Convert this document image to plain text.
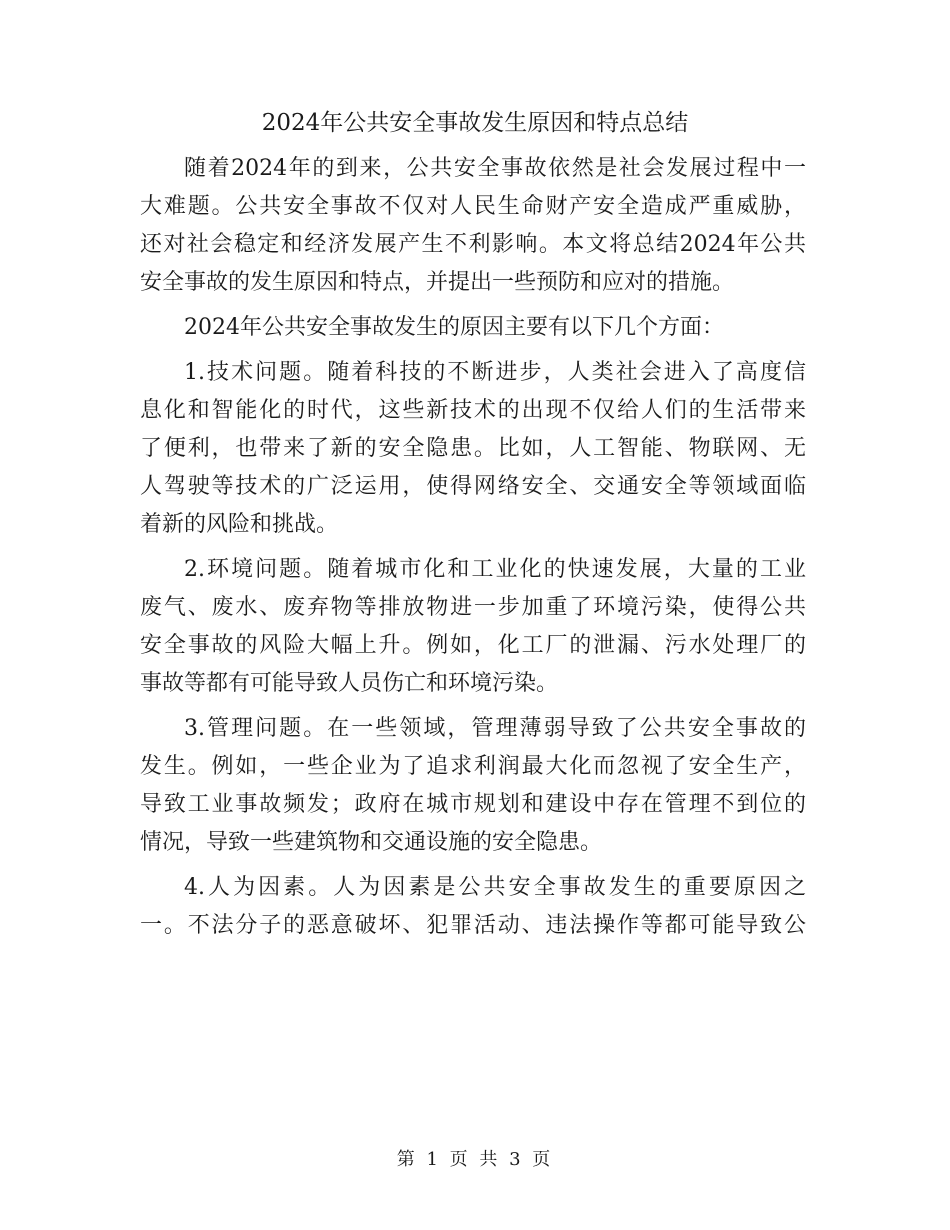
2024年公共安全事故发生原因和特点总结
随着2024年的到来，公共安全事故依然是社会发展过程中一
大难题。公共安全事故不仅对人民生命财产安全造成严重威胁，
还对社会稳定和经济发展产生不利影响。本文将总结2024年公共
安全事故的发生原因和特点，并提出一些预防和应对的措施。
2024年公共安全事故发生的原因主要有以下几个方面：
1.技术问题。随着科技的不断进步，人类社会进入了高度信
息化和智能化的时代，这些新技术的出现不仅给人们的生活带来
了便利，也带来了新的安全隐患。比如，人工智能、物联网、无
人驾驶等技术的广泛运用，使得网络安全、交通安全等领域面临
着新的风险和挑战。
2.环境问题。随着城市化和工业化的快速发展，大量的工业
废气、废水、废弃物等排放物进一步加重了环境污染，使得公共
安全事故的风险大幅上升。例如，化工厂的泄漏、污水处理厂的
事故等都有可能导致人员伤亡和环境污染。
3.管理问题。在一些领域，管理薄弱导致了公共安全事故的
发生。例如，一些企业为了追求利润最大化而忽视了安全生产，
导致工业事故频发；政府在城市规划和建设中存在管理不到位的
情况，导致一些建筑物和交通设施的安全隐患。
4.人为因素。人为因素是公共安全事故发生的重要原因之
一。不法分子的恶意破坏、犯罪活动、违法操作等都可能导致公
第 1 页 共 3 页
